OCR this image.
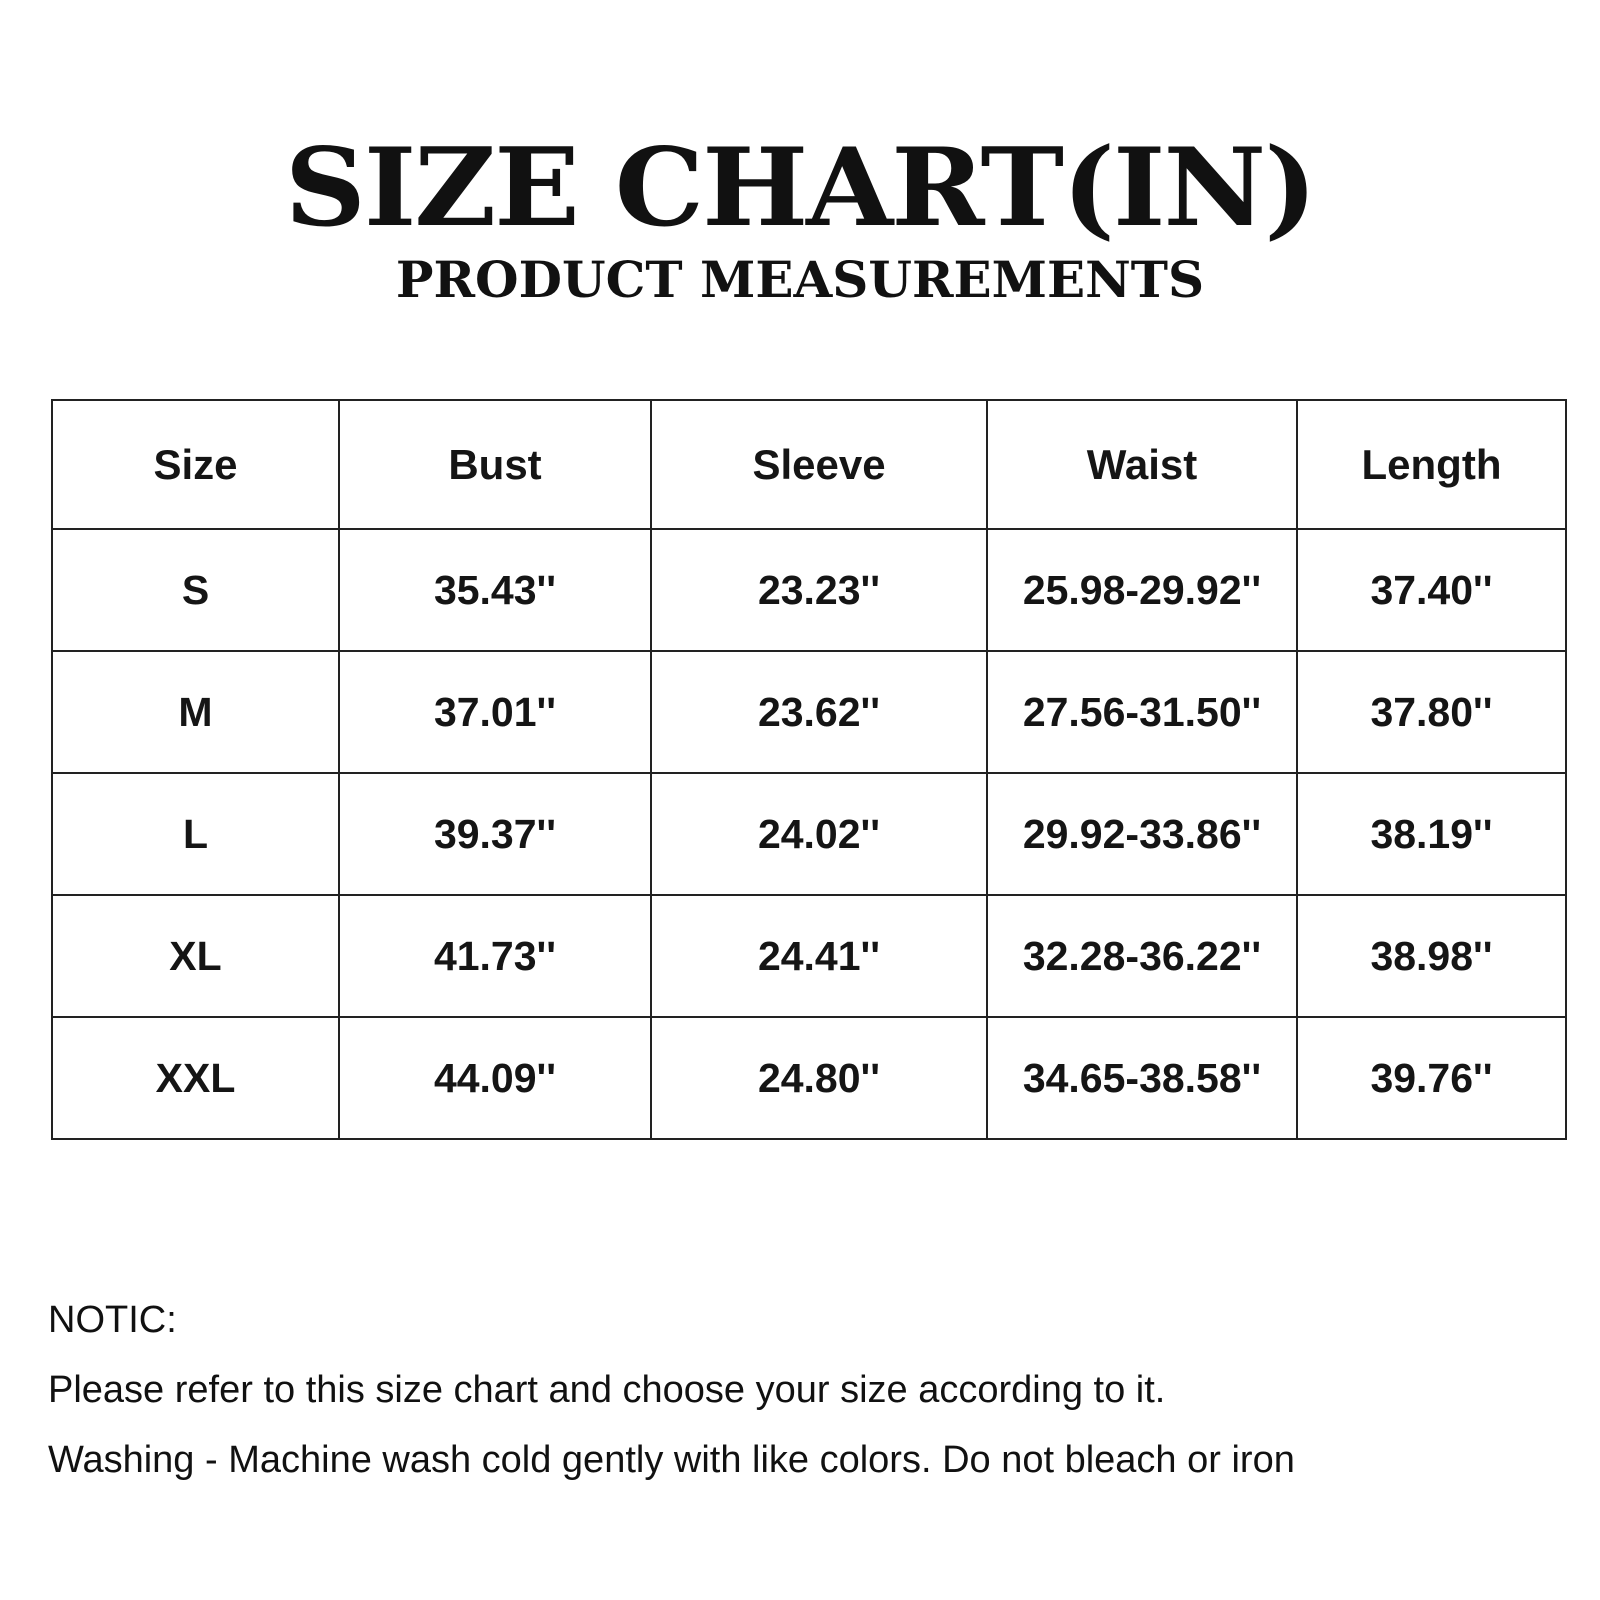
SIZE CHART(IN)
PRODUCT MEASUREMENTS
Size	Bust	Sleeve	Waist	Length
S	35.43''	23.23''	25.98-29.92''	37.40''
M	37.01''	23.62''	27.56-31.50''	37.80''
L	39.37''	24.02''	29.92-33.86''	38.19''
XL	41.73''	24.41''	32.28-36.22''	38.98''
XXL	44.09''	24.80''	34.65-38.58''	39.76''

NOTIC:

Please refer to this size chart and choose your size according to it.

Washing - Machine wash cold gently with like colors. Do not bleach or iron
